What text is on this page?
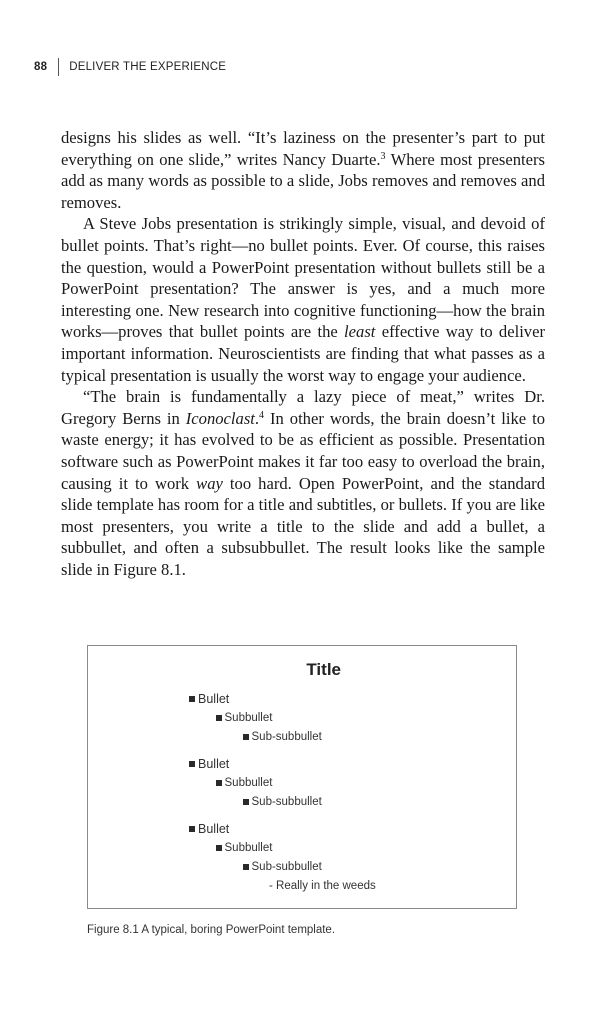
88 DELIVER THE EXPERIENCE

designs his slides as well. “It’s laziness on the presenter’s part to put everything on one slide,” writes Nancy Duarte.$^3$ Where most presenters add as many words as possible to a slide, Jobs removes and removes and removes.

A Steve Jobs presentation is strikingly simple, visual, and devoid of bullet points. That’s right—no bullet points. Ever. Of course, this raises the question, would a PowerPoint presentation without bullets still be a PowerPoint presentation? The answer is yes, and a much more interesting one. New research into cognitive functioning—how the brain works—proves that bullet points are the least effective way to deliver important information. Neuroscientists are finding that what passes as a typical presentation is usually the worst way to engage your audience.

“The brain is fundamentally a lazy piece of meat,” writes Dr. Gregory Berns in Iconoclast.$^4$ In other words, the brain doesn’t like to waste energy; it has evolved to be as efficient as possible. Presentation software such as PowerPoint makes it far too easy to overload the brain, causing it to work way too hard. Open PowerPoint, and the standard slide template has room for a title and subtitles, or bullets. If you are like most presenters, you write a title to the slide and add a bullet, a subbullet, and often a subsubbullet. The result looks like the sample slide in Figure 8.1.

Title
Bullet
Subbullet
Sub-subbullet
Bullet
Subbullet
Sub-subbullet
Bullet
Subbullet
Sub-subbullet
- Really in the weeds
Figure 8.1 A typical, boring PowerPoint template.
